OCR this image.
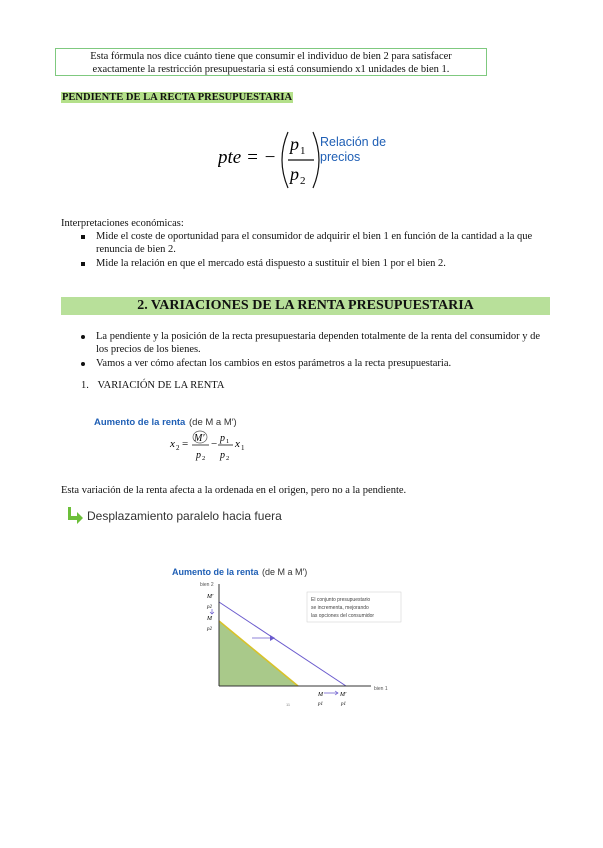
Esta fórmula nos dice cuánto tiene que consumir el individuo de bien 2 para satisfacer
exactamente la restricción presupuestaria si está consumiendo x1 unidades de bien 1.
PENDIENTE DE LA RECTA PRESUPUESTARIA
pte = −
p 1
p 2
Relación de
precios
Interpretaciones económicas:
Mide el coste de oportunidad para el consumidor de adquirir el bien 1 en función de la cantidad a la que renuncia de bien 2.
Mide la relación en que el mercado está dispuesto a sustituir el bien 1 por el bien 2.
2. VARIACIONES DE LA RENTA PRESUPUESTARIA
La pendiente y la posición de la recta presupuestaria dependen totalmente de la renta del consumidor y de los precios de los bienes.
Vamos a ver cómo afectan los cambios en estos parámetros a la recta presupuestaria.
1. VARIACIÓN DE LA RENTA
Aumento de la renta (de M a M′)
x 2 = M′
p 2
− p 1
p 2
x 1
Esta variación de la renta afecta a la ordenada en el origen, pero no a la pendiente.
Desplazamiento paralelo hacia fuera
Aumento de la renta (de M a M′)
bien 2
bien 1
M′
p2
M
p2
M
p1
M′
p1
El conjunto presupuestario
se incrementa, mejorando
las opciones del consumidor
11
